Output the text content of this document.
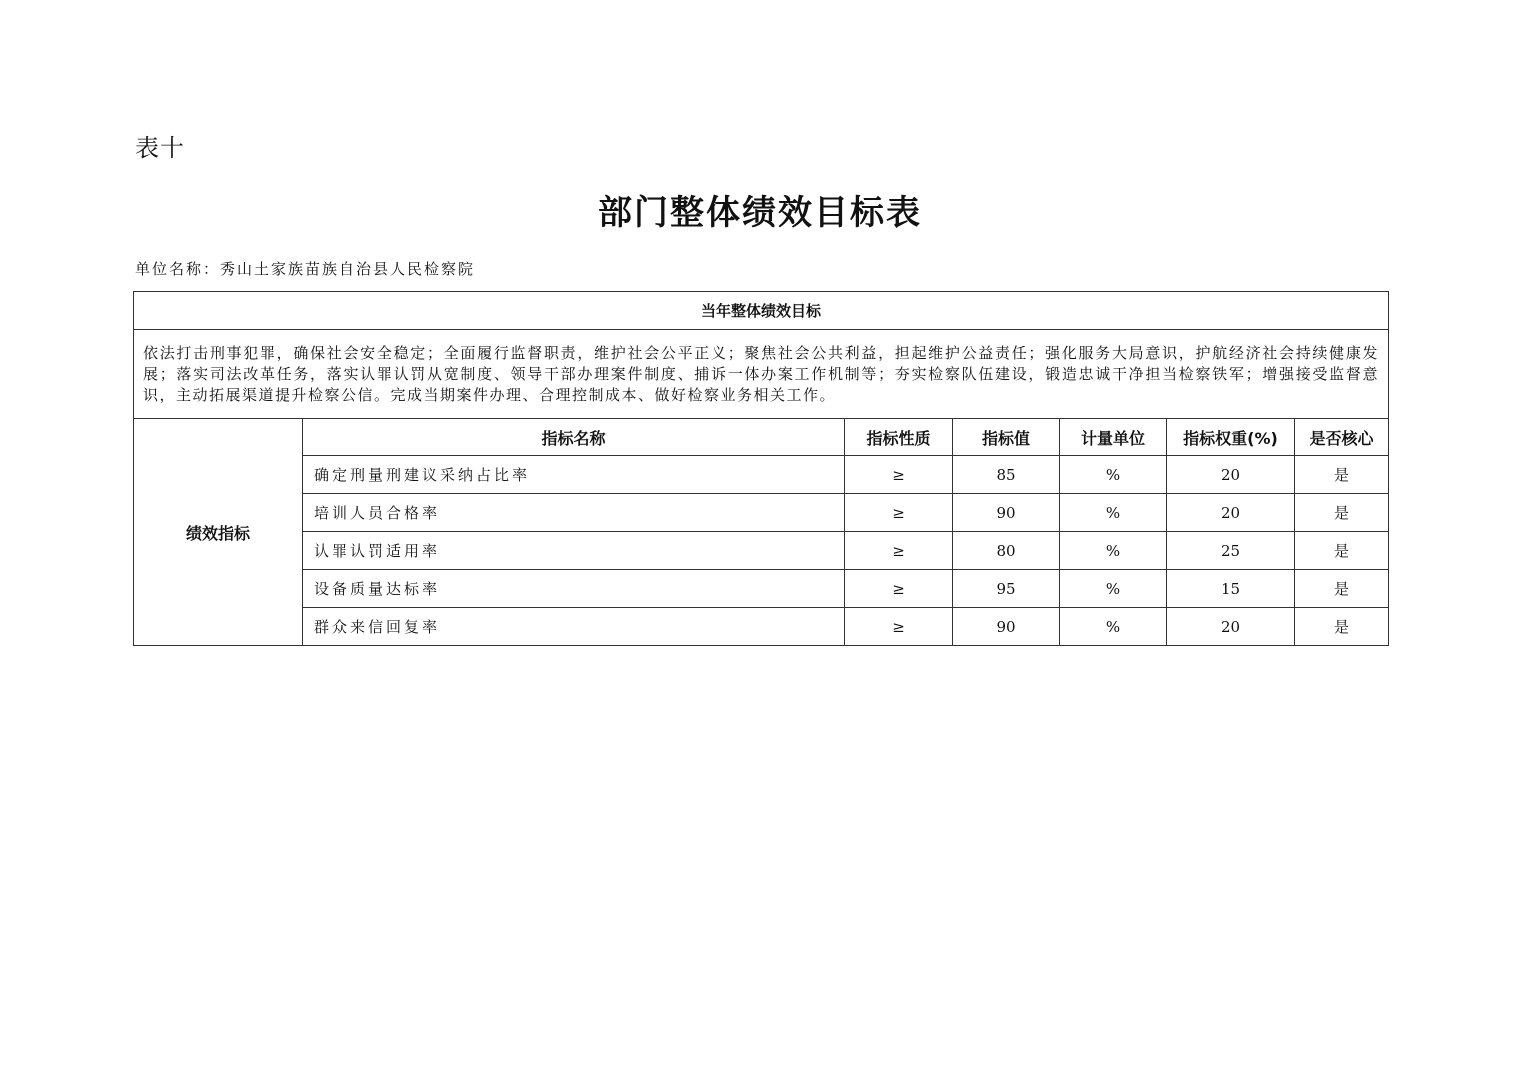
表十
部门整体绩效目标表
单位名称：秀山土家族苗族自治县人民检察院
当年整体绩效目标						
依法打击刑事犯罪，确保社会安全稳定；全面履行监督职责，维护社会公平正义；聚焦社会公共利益，担起维护公益责任；强化服务大局意识，护航经济社会持续健康发展；落实司法改革任务，落实认罪认罚从宽制度、领导干部办理案件制度、捕诉一体办案工作机制等；夯实检察队伍建设，锻造忠诚干净担当检察铁军；增强接受监督意识，主动拓展渠道提升检察公信。完成当期案件办理、合理控制成本、做好检察业务相关工作。						
绩效指标	指标名称	指标性质	指标值	计量单位	指标权重(%)	是否核心
	确定刑量刑建议采纳占比率	≥	85	%	20	是
	培训人员合格率	≥	90	%	20	是
	认罪认罚适用率	≥	80	%	25	是
	设备质量达标率	≥	95	%	15	是
	群众来信回复率	≥	90	%	20	是
